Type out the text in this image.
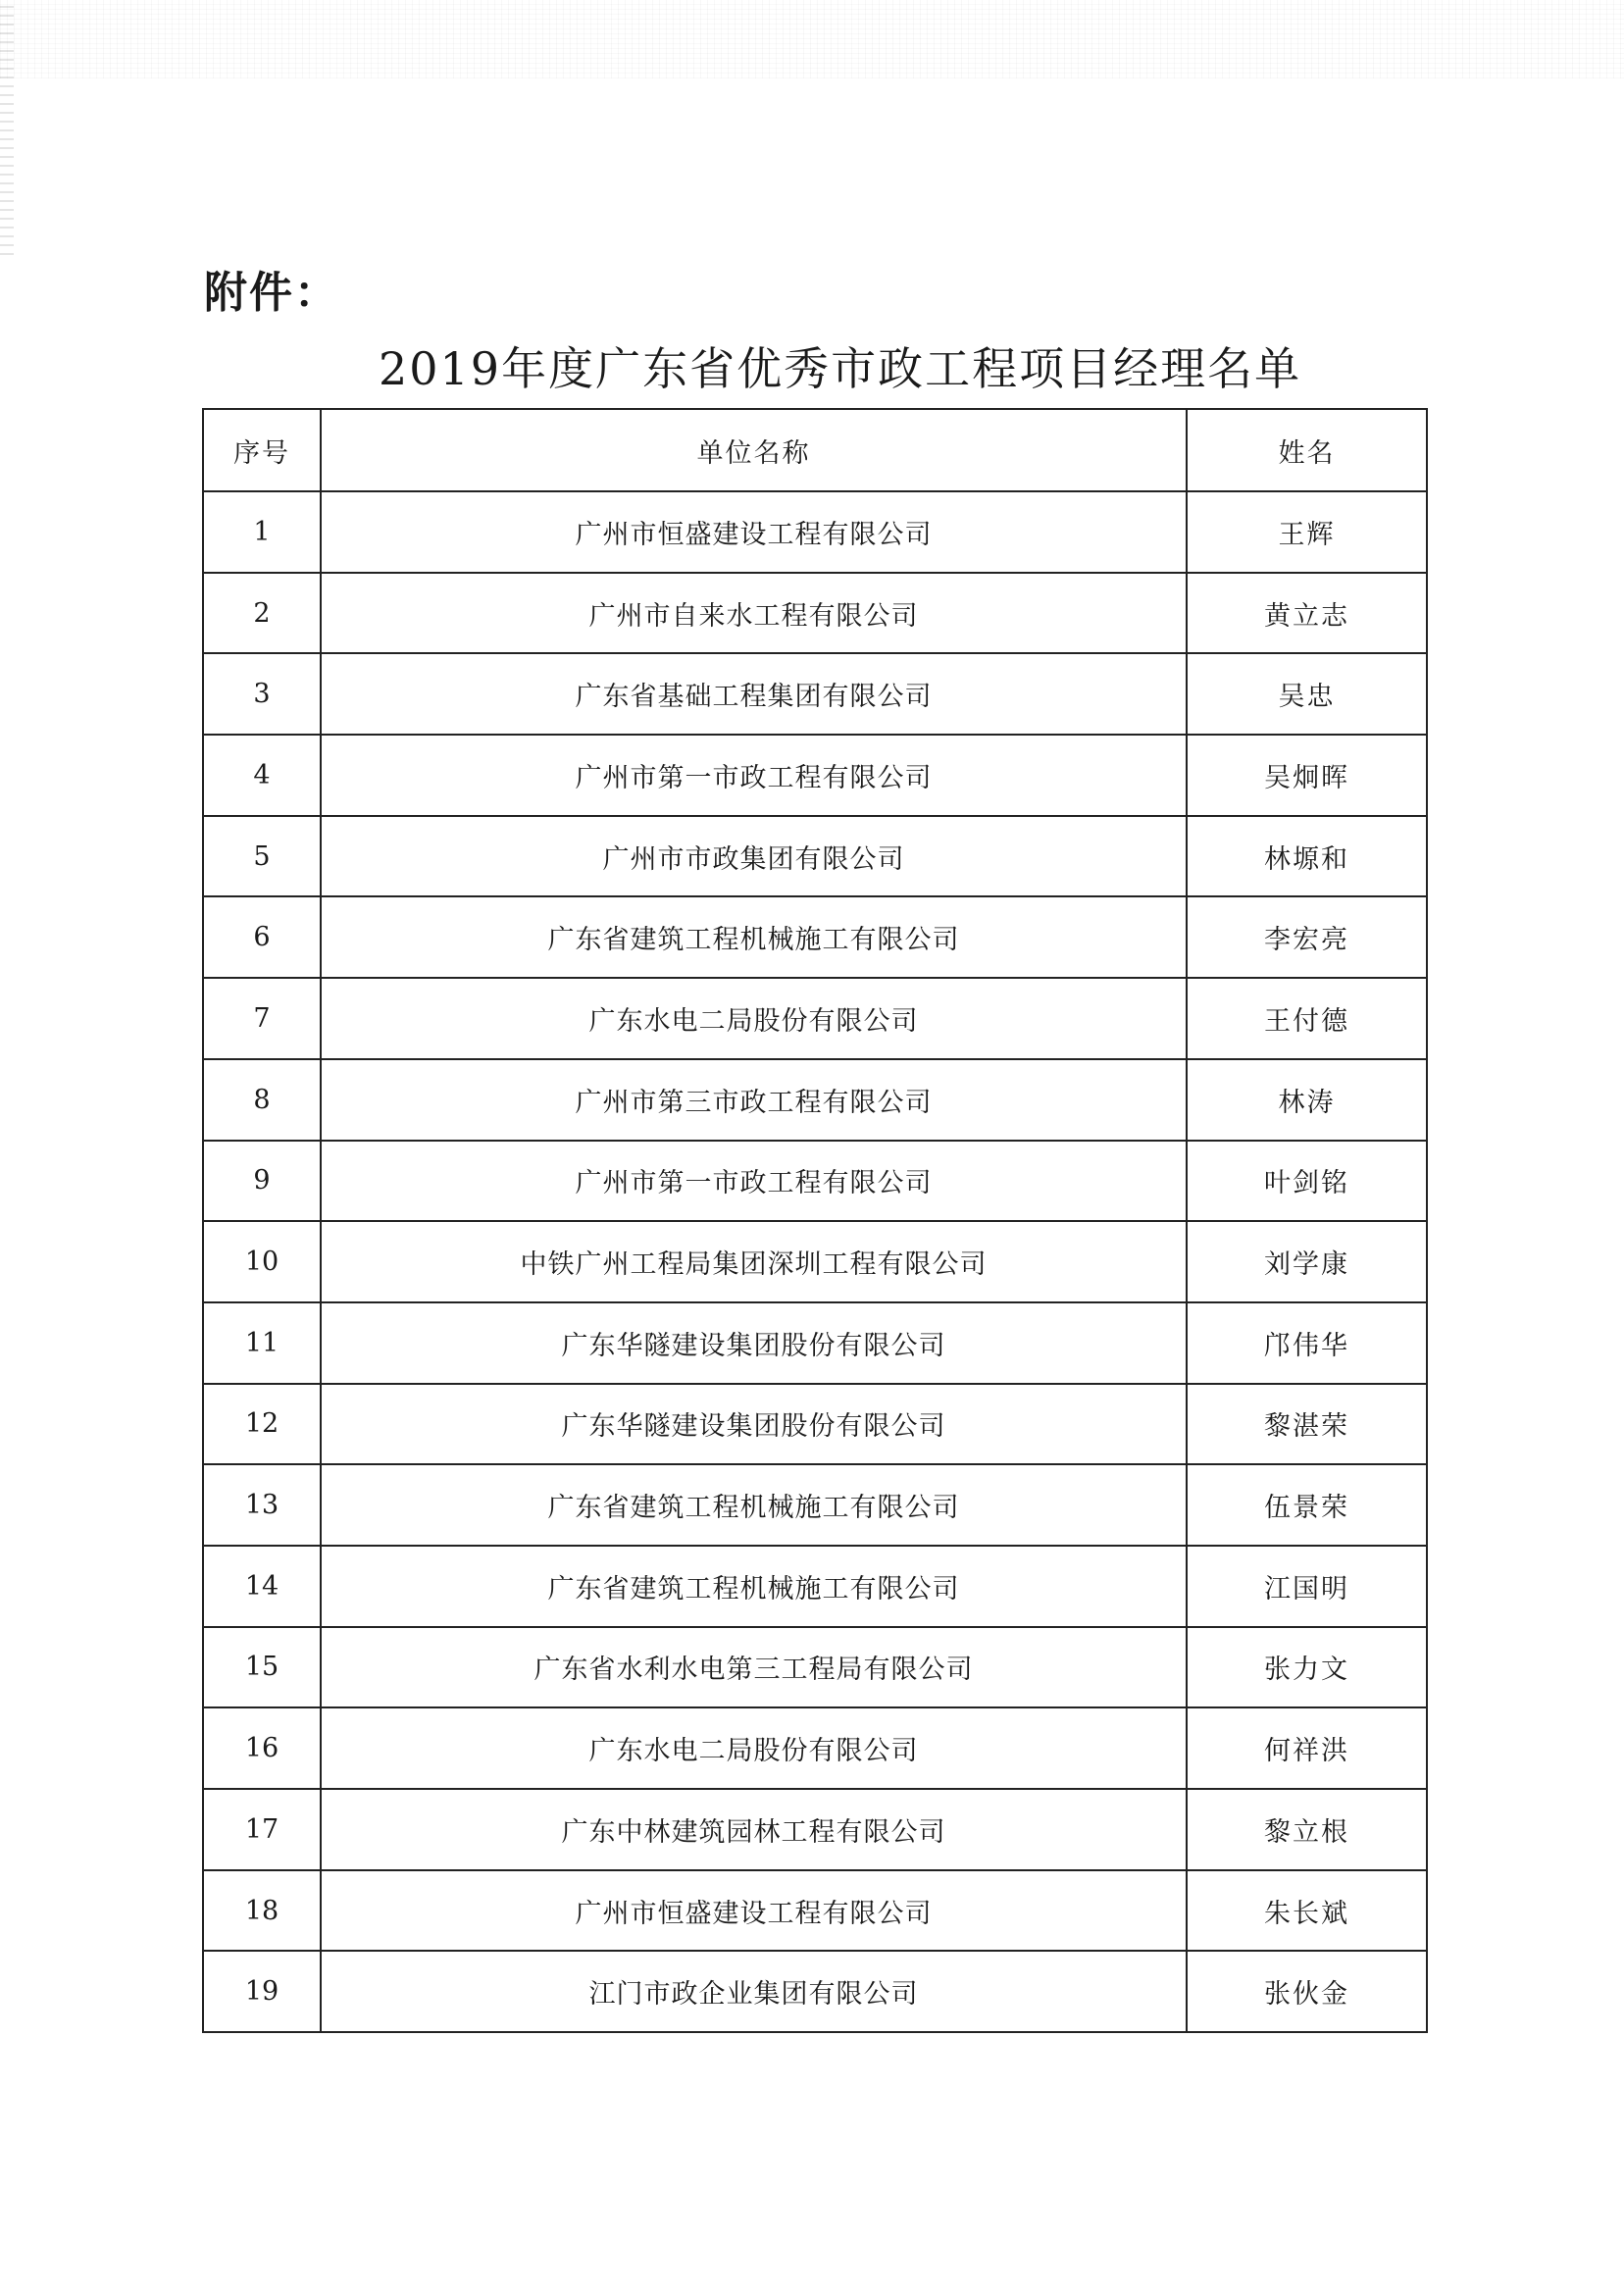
附件：

2019年度广东省优秀市政工程项目经理名单
序号	单位名称	姓名
1	广州市恒盛建设工程有限公司	王辉
2	广州市自来水工程有限公司	黄立志
3	广东省基础工程集团有限公司	吴忠
4	广州市第一市政工程有限公司	吴炯晖
5	广州市市政集团有限公司	林塬和
6	广东省建筑工程机械施工有限公司	李宏亮
7	广东水电二局股份有限公司	王付德
8	广州市第三市政工程有限公司	林涛
9	广州市第一市政工程有限公司	叶剑铭
10	中铁广州工程局集团深圳工程有限公司	刘学康
11	广东华隧建设集团股份有限公司	邝伟华
12	广东华隧建设集团股份有限公司	黎湛荣
13	广东省建筑工程机械施工有限公司	伍景荣
14	广东省建筑工程机械施工有限公司	江国明
15	广东省水利水电第三工程局有限公司	张力文
16	广东水电二局股份有限公司	何祥洪
17	广东中林建筑园林工程有限公司	黎立根
18	广州市恒盛建设工程有限公司	朱长斌
19	江门市政企业集团有限公司	张伙金
